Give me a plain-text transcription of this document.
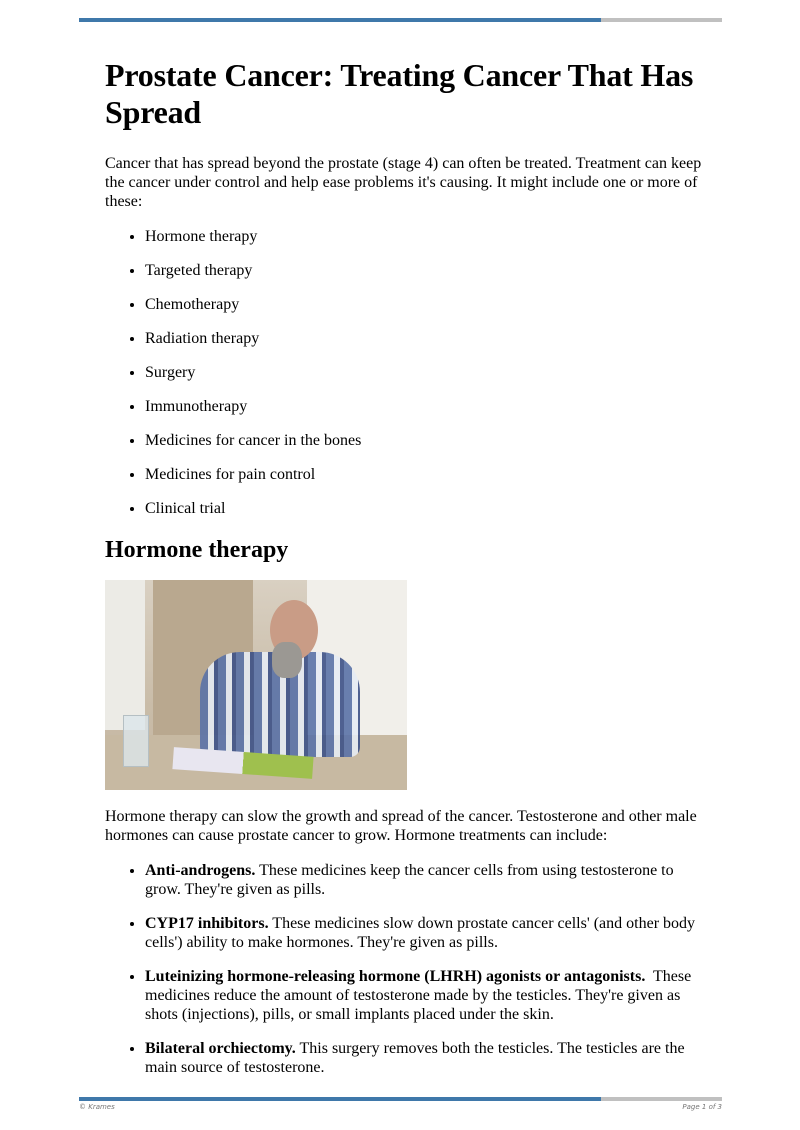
Prostate Cancer: Treating Cancer That Has Spread

Cancer that has spread beyond the prostate (stage 4) can often be treated. Treatment can keep the cancer under control and help ease problems it's causing. It might include one or more of these:

• Hormone therapy
• Targeted therapy
• Chemotherapy
• Radiation therapy
• Surgery
• Immunotherapy
• Medicines for cancer in the bones
• Medicines for pain control
• Clinical trial
Hormone therapy

Hormone therapy can slow the growth and spread of the cancer. Testosterone and other male hormones can cause prostate cancer to grow. Hormone treatments can include:

• Anti-androgens. These medicines keep the cancer cells from using testosterone to grow. They're given as pills.
• CYP17 inhibitors. These medicines slow down prostate cancer cells' (and other body cells') ability to make hormones. They're given as pills.
• Luteinizing hormone-releasing hormone (LHRH) agonists or antagonists.  These medicines reduce the amount of testosterone made by the testicles. They're given as shots (injections), pills, or small implants placed under the skin.
• Bilateral orchiectomy. This surgery removes both the testicles. The testicles are the main source of testosterone.
© Krames	Page 1 of 3
